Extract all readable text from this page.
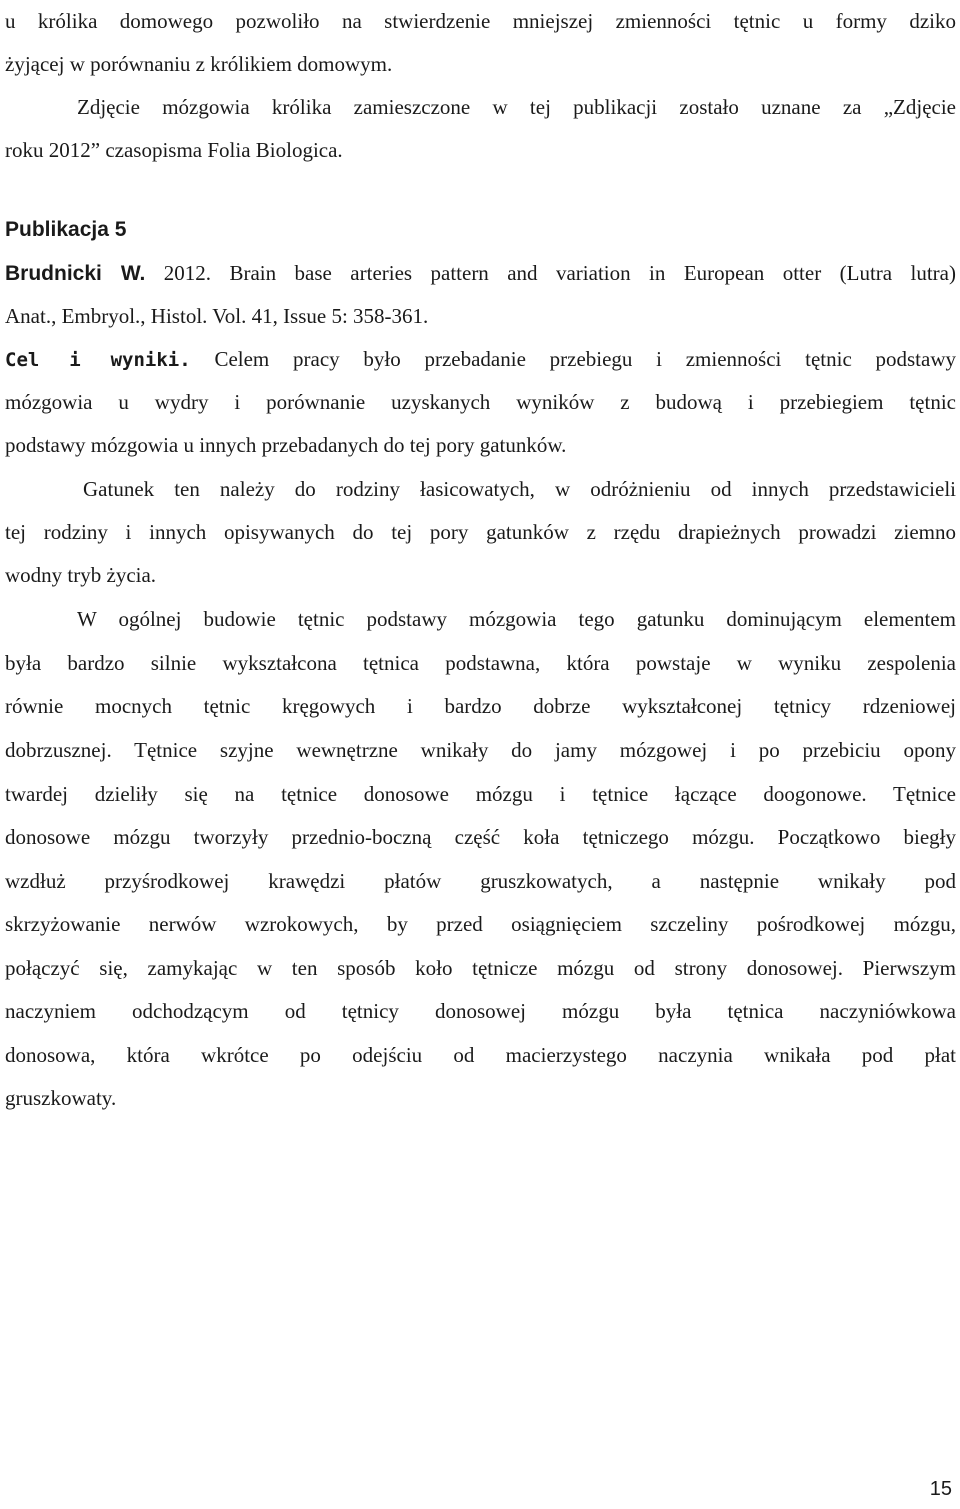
u królika domowego pozwoliło na stwierdzenie mniejszej zmienności tętnic u formy dziko
żyjącej w porównaniu z królikiem domowym.
Zdjęcie mózgowia królika zamieszczone w tej publikacji zostało uznane za „Zdjęcie
roku 2012” czasopisma Folia Biologica.
Publikacja 5
Brudnicki W. 2012. Brain base arteries pattern and variation in European otter (Lutra lutra)
Anat., Embryol., Histol. Vol. 41, Issue 5: 358-361.
Cel i wyniki. Celem pracy było przebadanie przebiegu i zmienności tętnic podstawy
mózgowia u wydry i porównanie uzyskanych wyników z budową i przebiegiem tętnic
podstawy mózgowia u innych przebadanych do tej pory gatunków.
Gatunek ten należy do rodziny łasicowatych, w odróżnieniu od innych przedstawicieli
tej rodziny i innych opisywanych do tej pory gatunków z rzędu drapieżnych prowadzi ziemno
wodny tryb życia.
W ogólnej budowie tętnic podstawy mózgowia tego gatunku dominującym elementem
była bardzo silnie wykształcona tętnica podstawna, która powstaje w wyniku zespolenia
równie mocnych tętnic kręgowych i bardzo dobrze wykształconej tętnicy rdzeniowej
dobrzusznej. Tętnice szyjne wewnętrzne wnikały do jamy mózgowej i po przebiciu opony
twardej dzieliły się na tętnice donosowe mózgu i tętnice łączące doogonowe. Tętnice
donosowe mózgu tworzyły przednio-boczną część koła tętniczego mózgu. Początkowo biegły
wzdłuż przyśrodkowej krawędzi płatów gruszkowatych, a następnie wnikały pod
skrzyżowanie nerwów wzrokowych, by przed osiągnięciem szczeliny pośrodkowej mózgu,
połączyć się, zamykając w ten sposób koło tętnicze mózgu od strony donosowej. Pierwszym
naczyniem odchodzącym od tętnicy donosowej mózgu była tętnica naczyniówkowa
donosowa, która wkrótce po odejściu od macierzystego naczynia wnikała pod płat
gruszkowaty.
15
